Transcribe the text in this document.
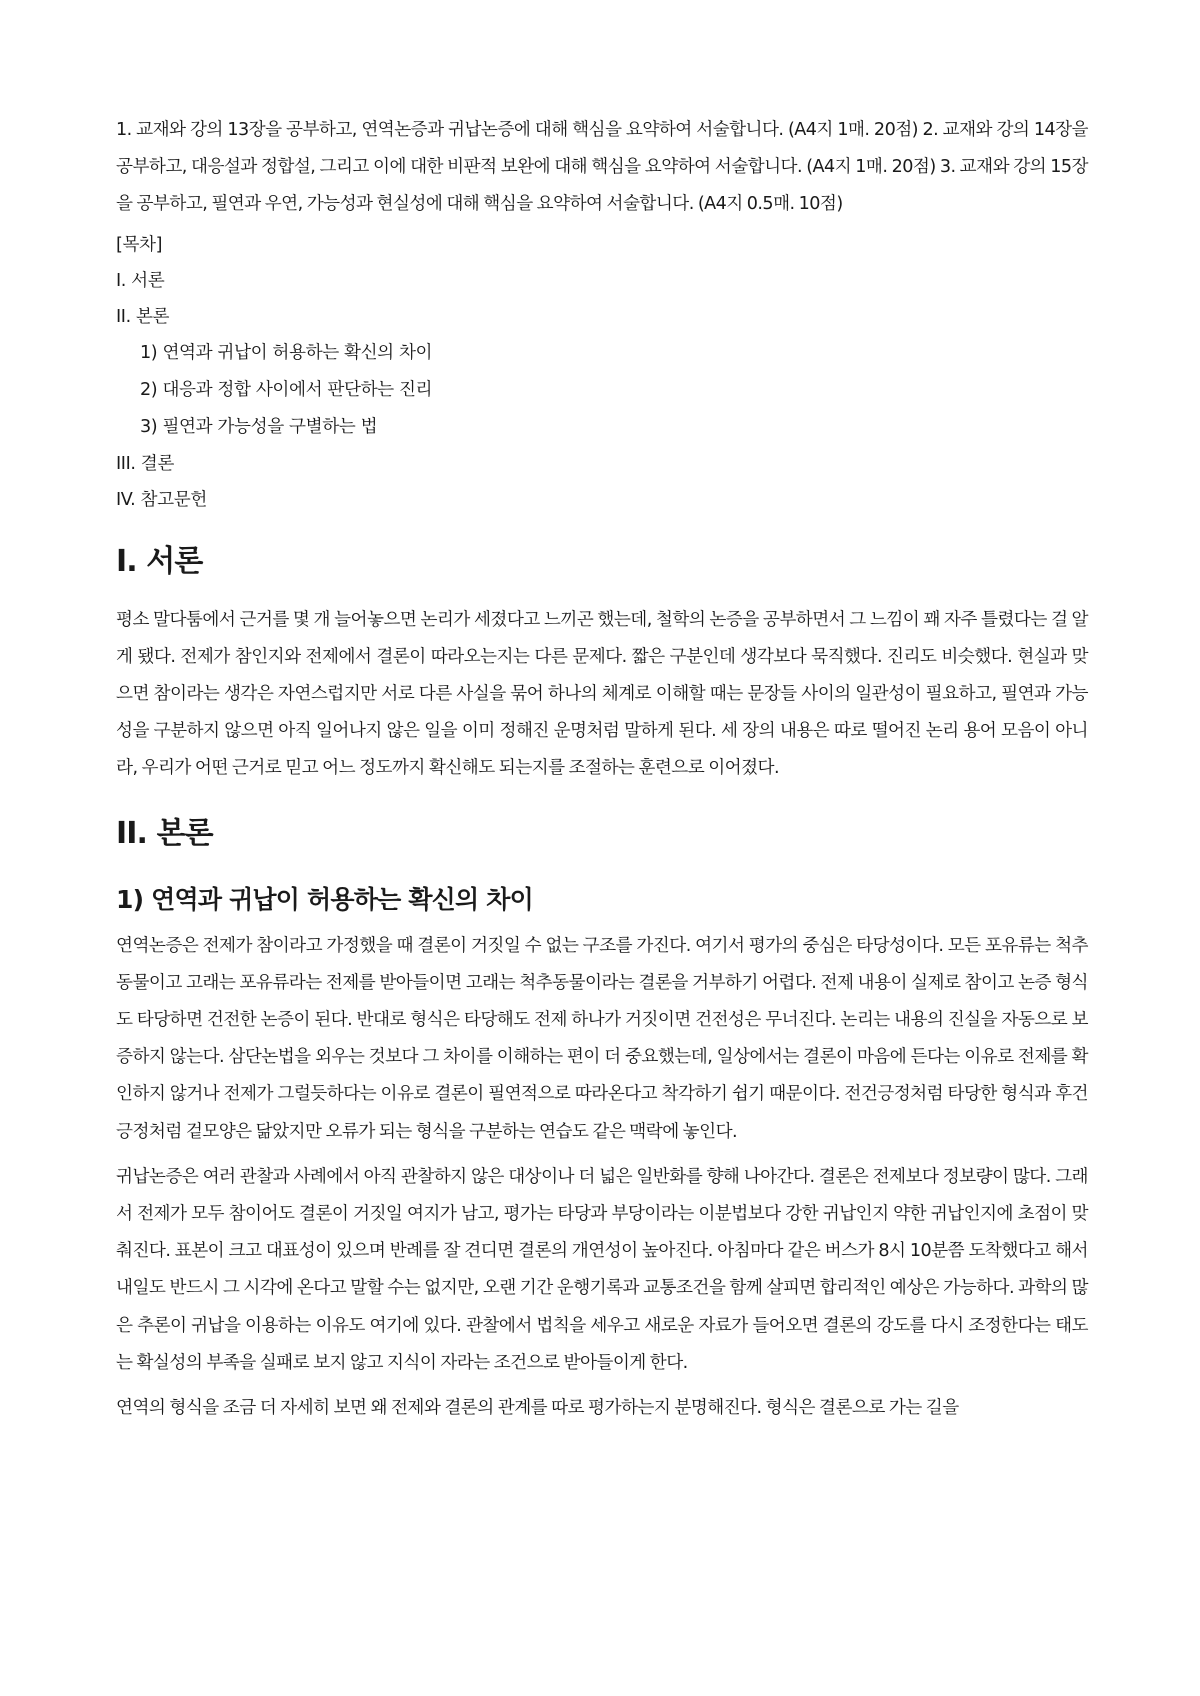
1. 교재와 강의 13장을 공부하고, 연역논증과 귀납논증에 대해 핵심을 요약하여 서술합니다. (A4지 1매. 20점) 2. 교재와 강의 14장을 공부하고, 대응설과 정합설, 그리고 이에 대한 비판적 보완에 대해 핵심을 요약하여 서술합니다. (A4지 1매. 20점) 3. 교재와 강의 15장을 공부하고, 필연과 우연, 가능성과 현실성에 대해 핵심을 요약하여 서술합니다. (A4지 0.5매. 10점)

[목차]

I. 서론

II. 본론

1) 연역과 귀납이 허용하는 확신의 차이

2) 대응과 정합 사이에서 판단하는 진리

3) 필연과 가능성을 구별하는 법

III. 결론

IV. 참고문헌

I. 서론

평소 말다툼에서 근거를 몇 개 늘어놓으면 논리가 세졌다고 느끼곤 했는데, 철학의 논증을 공부하면서 그 느낌이 꽤 자주 틀렸다는 걸 알게 됐다. 전제가 참인지와 전제에서 결론이 따라오는지는 다른 문제다. 짧은 구분인데 생각보다 묵직했다. 진리도 비슷했다. 현실과 맞으면 참이라는 생각은 자연스럽지만 서로 다른 사실을 묶어 하나의 체계로 이해할 때는 문장들 사이의 일관성이 필요하고, 필연과 가능성을 구분하지 않으면 아직 일어나지 않은 일을 이미 정해진 운명처럼 말하게 된다. 세 장의 내용은 따로 떨어진 논리 용어 모음이 아니라, 우리가 어떤 근거로 믿고 어느 정도까지 확신해도 되는지를 조절하는 훈련으로 이어졌다.

II. 본론
1) 연역과 귀납이 허용하는 확신의 차이

연역논증은 전제가 참이라고 가정했을 때 결론이 거짓일 수 없는 구조를 가진다. 여기서 평가의 중심은 타당성이다. 모든 포유류는 척추동물이고 고래는 포유류라는 전제를 받아들이면 고래는 척추동물이라는 결론을 거부하기 어렵다. 전제 내용이 실제로 참이고 논증 형식도 타당하면 건전한 논증이 된다. 반대로 형식은 타당해도 전제 하나가 거짓이면 건전성은 무너진다. 논리는 내용의 진실을 자동으로 보증하지 않는다. 삼단논법을 외우는 것보다 그 차이를 이해하는 편이 더 중요했는데, 일상에서는 결론이 마음에 든다는 이유로 전제를 확인하지 않거나 전제가 그럴듯하다는 이유로 결론이 필연적으로 따라온다고 착각하기 쉽기 때문이다. 전건긍정처럼 타당한 형식과 후건긍정처럼 겉모양은 닮았지만 오류가 되는 형식을 구분하는 연습도 같은 맥락에 놓인다.

귀납논증은 여러 관찰과 사례에서 아직 관찰하지 않은 대상이나 더 넓은 일반화를 향해 나아간다. 결론은 전제보다 정보량이 많다. 그래서 전제가 모두 참이어도 결론이 거짓일 여지가 남고, 평가는 타당과 부당이라는 이분법보다 강한 귀납인지 약한 귀납인지에 초점이 맞춰진다. 표본이 크고 대표성이 있으며 반례를 잘 견디면 결론의 개연성이 높아진다. 아침마다 같은 버스가 8시 10분쯤 도착했다고 해서 내일도 반드시 그 시각에 온다고 말할 수는 없지만, 오랜 기간 운행기록과 교통조건을 함께 살피면 합리적인 예상은 가능하다. 과학의 많은 추론이 귀납을 이용하는 이유도 여기에 있다. 관찰에서 법칙을 세우고 새로운 자료가 들어오면 결론의 강도를 다시 조정한다는 태도는 확실성의 부족을 실패로 보지 않고 지식이 자라는 조건으로 받아들이게 한다.

연역의 형식을 조금 더 자세히 보면 왜 전제와 결론의 관계를 따로 평가하는지 분명해진다. 형식은 결론으로 가는 길을
